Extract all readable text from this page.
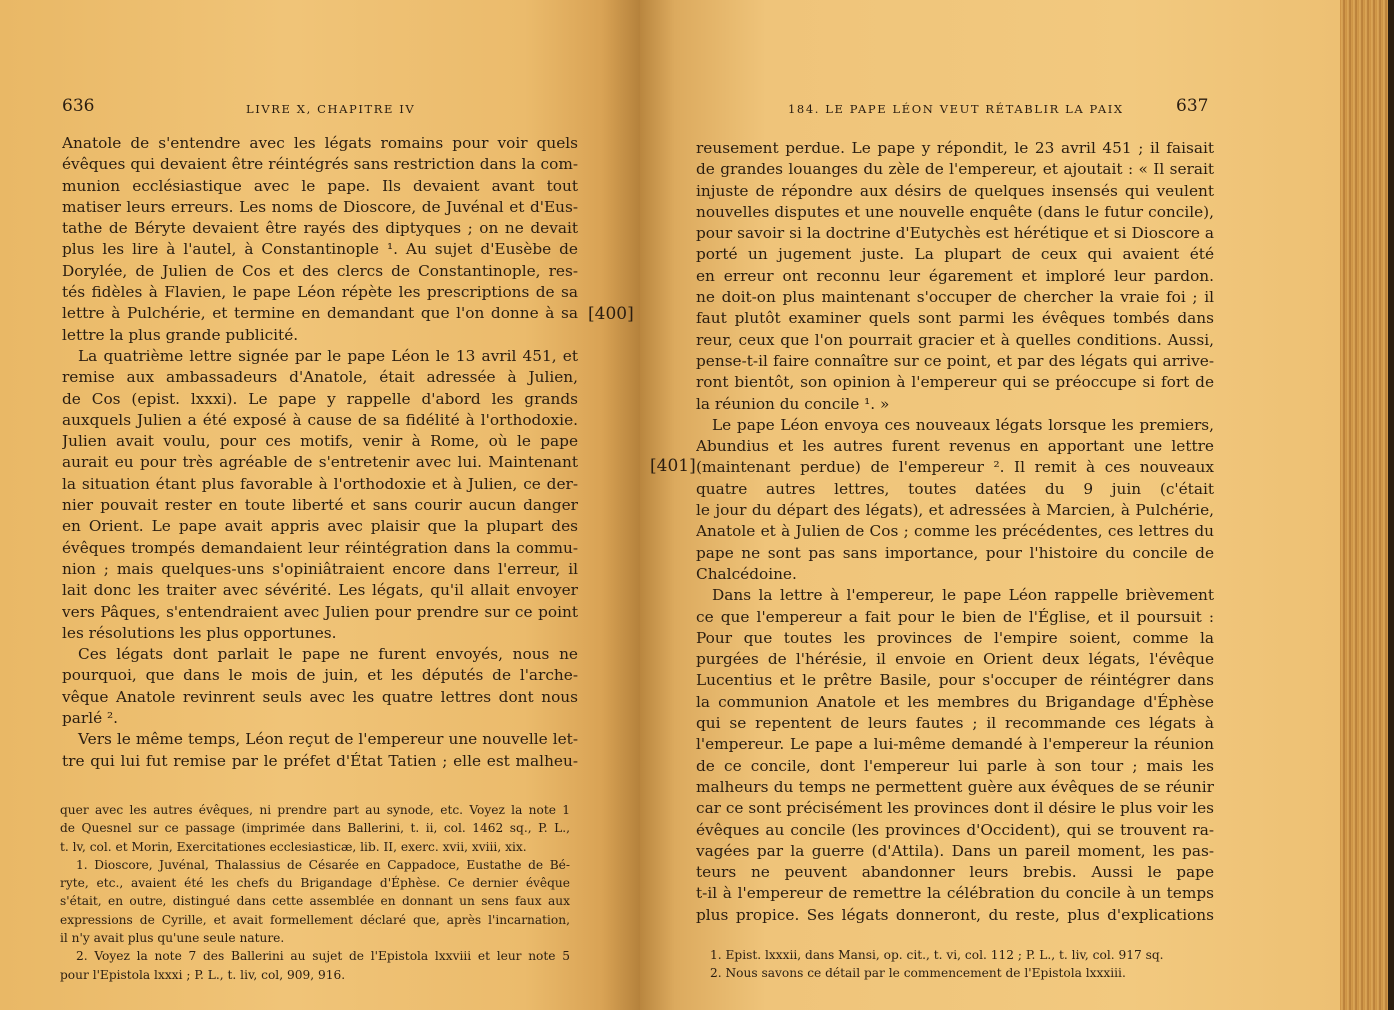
636	LIVRE X, CHAPITRE IV
Anatole de s'entendre avec les légats romains pour voir quels
évêques qui devaient être réintégrés sans restriction dans la com-
munion ecclésiastique avec le pape. Ils devaient avant tout
matiser leurs erreurs. Les noms de Dioscore, de Juvénal et d'Eus-
tathe de Béryte devaient être rayés des diptyques ; on ne devait
plus les lire à l'autel, à Constantinople ¹. Au sujet d'Eusèbe de
Dorylée, de Julien de Cos et des clercs de Constantinople, res-
tés fidèles à Flavien, le pape Léon répète les prescriptions de sa
lettre à Pulchérie, et termine en demandant que l'on donne à sa
lettre la plus grande publicité.
La quatrième lettre signée par le pape Léon le 13 avril 451, et
remise aux ambassadeurs d'Anatole, était adressée à Julien,
de Cos (epist. lxxxi). Le pape y rappelle d'abord les grands
auxquels Julien a été exposé à cause de sa fidélité à l'orthodoxie.
Julien avait voulu, pour ces motifs, venir à Rome, où le pape
aurait eu pour très agréable de s'entretenir avec lui. Maintenant
la situation étant plus favorable à l'orthodoxie et à Julien, ce der-
nier pouvait rester en toute liberté et sans courir aucun danger
en Orient. Le pape avait appris avec plaisir que la plupart des
évêques trompés demandaient leur réintégration dans la commu-
nion ; mais quelques-uns s'opiniâtraient encore dans l'erreur, il
lait donc les traiter avec sévérité. Les légats, qu'il allait envoyer
vers Pâques, s'entendraient avec Julien pour prendre sur ce point
les résolutions les plus opportunes.
Ces légats dont parlait le pape ne furent envoyés, nous ne
pourquoi, que dans le mois de juin, et les députés de l'arche-
vêque Anatole revinrent seuls avec les quatre lettres dont nous
parlé ².
Vers le même temps, Léon reçut de l'empereur une nouvelle let-
tre qui lui fut remise par le préfet d'État Tatien ; elle est malheu-
quer avec les autres évêques, ni prendre part au synode, etc. Voyez la note 1
de Quesnel sur ce passage (imprimée dans Ballerini, t. ii, col. 1462 sq., P. L.,
t. lv, col. et Morin, Exercitationes ecclesiasticæ, lib. II, exerc. xvii, xviii, xix.
1. Dioscore, Juvénal, Thalassius de Césarée en Cappadoce, Eustathe de Bé-
ryte, etc., avaient été les chefs du Brigandage d'Éphèse. Ce dernier évêque
s'était, en outre, distingué dans cette assemblée en donnant un sens faux aux
expressions de Cyrille, et avait formellement déclaré que, après l'incarnation,
il n'y avait plus qu'une seule nature.
2. Voyez la note 7 des Ballerini au sujet de l'Epistola lxxviii et leur note 5
pour l'Epistola lxxxi ; P. L., t. liv, col, 909, 916.
184. LE PAPE LÉON VEUT RÉTABLIR LA PAIX	637
reusement perdue. Le pape y répondit, le 23 avril 451 ; il faisait
de grandes louanges du zèle de l'empereur, et ajoutait : « Il serait
injuste de répondre aux désirs de quelques insensés qui veulent
nouvelles disputes et une nouvelle enquête (dans le futur concile),
pour savoir si la doctrine d'Eutychès est hérétique et si Dioscore a
porté un jugement juste. La plupart de ceux qui avaient été
en erreur ont reconnu leur égarement et imploré leur pardon.
ne doit-on plus maintenant s'occuper de chercher la vraie foi ; il
faut plutôt examiner quels sont parmi les évêques tombés dans
reur, ceux que l'on pourrait gracier et à quelles conditions. Aussi,
pense-t-il faire connaître sur ce point, et par des légats qui arrive-
ront bientôt, son opinion à l'empereur qui se préoccupe si fort de
la réunion du concile ¹. »
Le pape Léon envoya ces nouveaux légats lorsque les premiers,
Abundius et les autres furent revenus en apportant une lettre
(maintenant perdue) de l'empereur ². Il remit à ces nouveaux
quatre autres lettres, toutes datées du 9 juin (c'était
le jour du départ des légats), et adressées à Marcien, à Pulchérie,
Anatole et à Julien de Cos ; comme les précédentes, ces lettres du
pape ne sont pas sans importance, pour l'histoire du concile de
Chalcédoine.
Dans la lettre à l'empereur, le pape Léon rappelle brièvement
ce que l'empereur a fait pour le bien de l'Église, et il poursuit :
Pour que toutes les provinces de l'empire soient, comme la
purgées de l'hérésie, il envoie en Orient deux légats, l'évêque
Lucentius et le prêtre Basile, pour s'occuper de réintégrer dans
la communion Anatole et les membres du Brigandage d'Éphèse
qui se repentent de leurs fautes ; il recommande ces légats à
l'empereur. Le pape a lui-même demandé à l'empereur la réunion
de ce concile, dont l'empereur lui parle à son tour ; mais les
malheurs du temps ne permettent guère aux évêques de se réunir
car ce sont précisément les provinces dont il désire le plus voir les
évêques au concile (les provinces d'Occident), qui se trouvent ra-
vagées par la guerre (d'Attila). Dans un pareil moment, les pas-
teurs ne peuvent abandonner leurs brebis. Aussi le pape
t-il à l'empereur de remettre la célébration du concile à un temps
plus propice. Ses légats donneront, du reste, plus d'explications
1. Epist. lxxxii, dans Mansi, op. cit., t. vi, col. 112 ; P. L., t. liv, col. 917 sq.
2. Nous savons ce détail par le commencement de l'Epistola lxxxiii.
[400]
[401]
